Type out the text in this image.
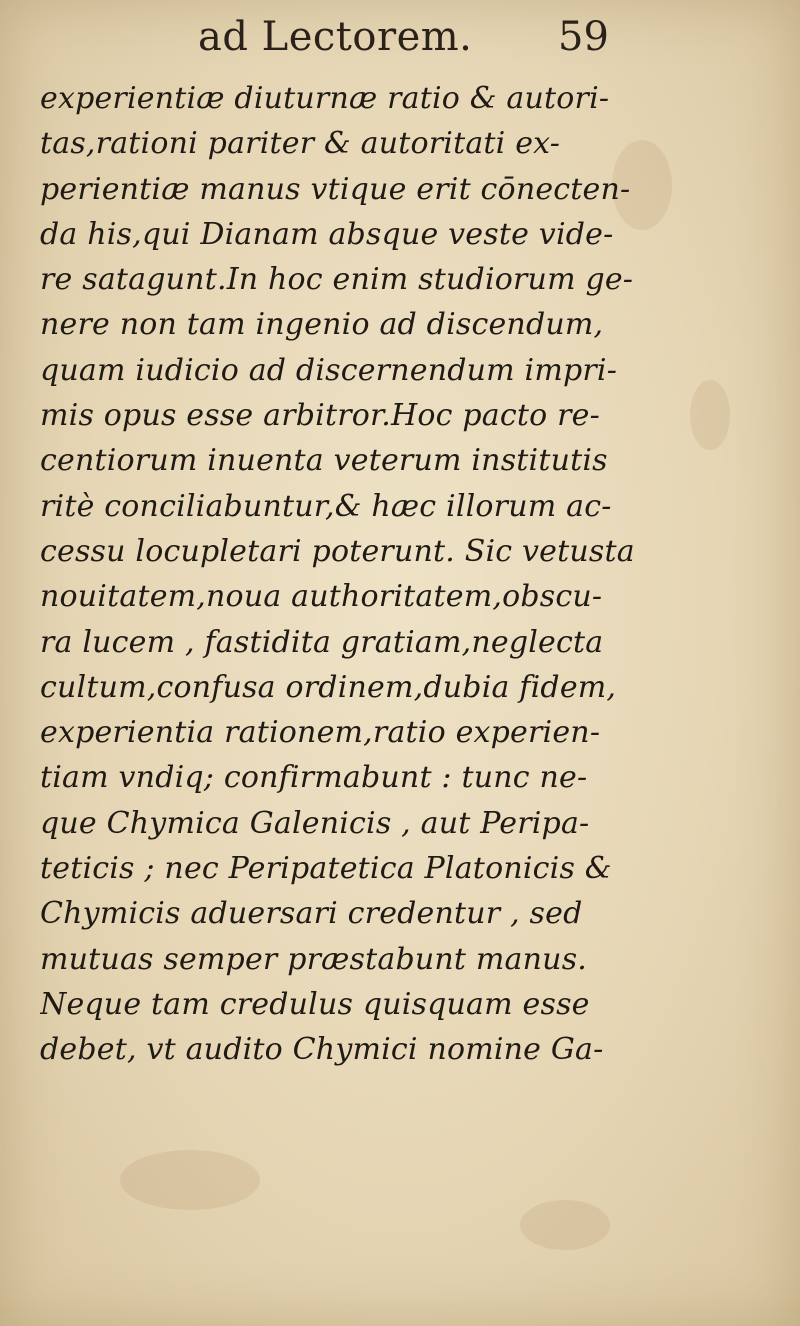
ad Lectorem. 59
experientiæ diuturnæ ratio & autori-
tas,rationi pariter & autoritati ex-
perientiæ manus vtique erit cōnecten-
da his,qui Dianam absque veste vide-
re satagunt.In hoc enim studiorum ge-
nere non tam ingenio ad discendum,
quam iudicio ad discernendum impri-
mis opus esse arbitror.Hoc pacto re-
centiorum inuenta veterum institutis
ritè conciliabuntur,& hæc illorum ac-
cessu locupletari poterunt. Sic vetusta
nouitatem,noua authoritatem,obscu-
ra lucem , fastidita gratiam,neglecta
cultum,confusa ordinem,dubia fidem,
experientia rationem,ratio experien-
tiam vndiq; confirmabunt : tunc ne-
que Chymica Galenicis , aut Peripa-
teticis ; nec Peripatetica Platonicis &
Chymicis aduersari credentur , sed
mutuas semper præstabunt manus.
Neque tam credulus quisquam esse
debet, vt audito Chymici nomine Ga-
